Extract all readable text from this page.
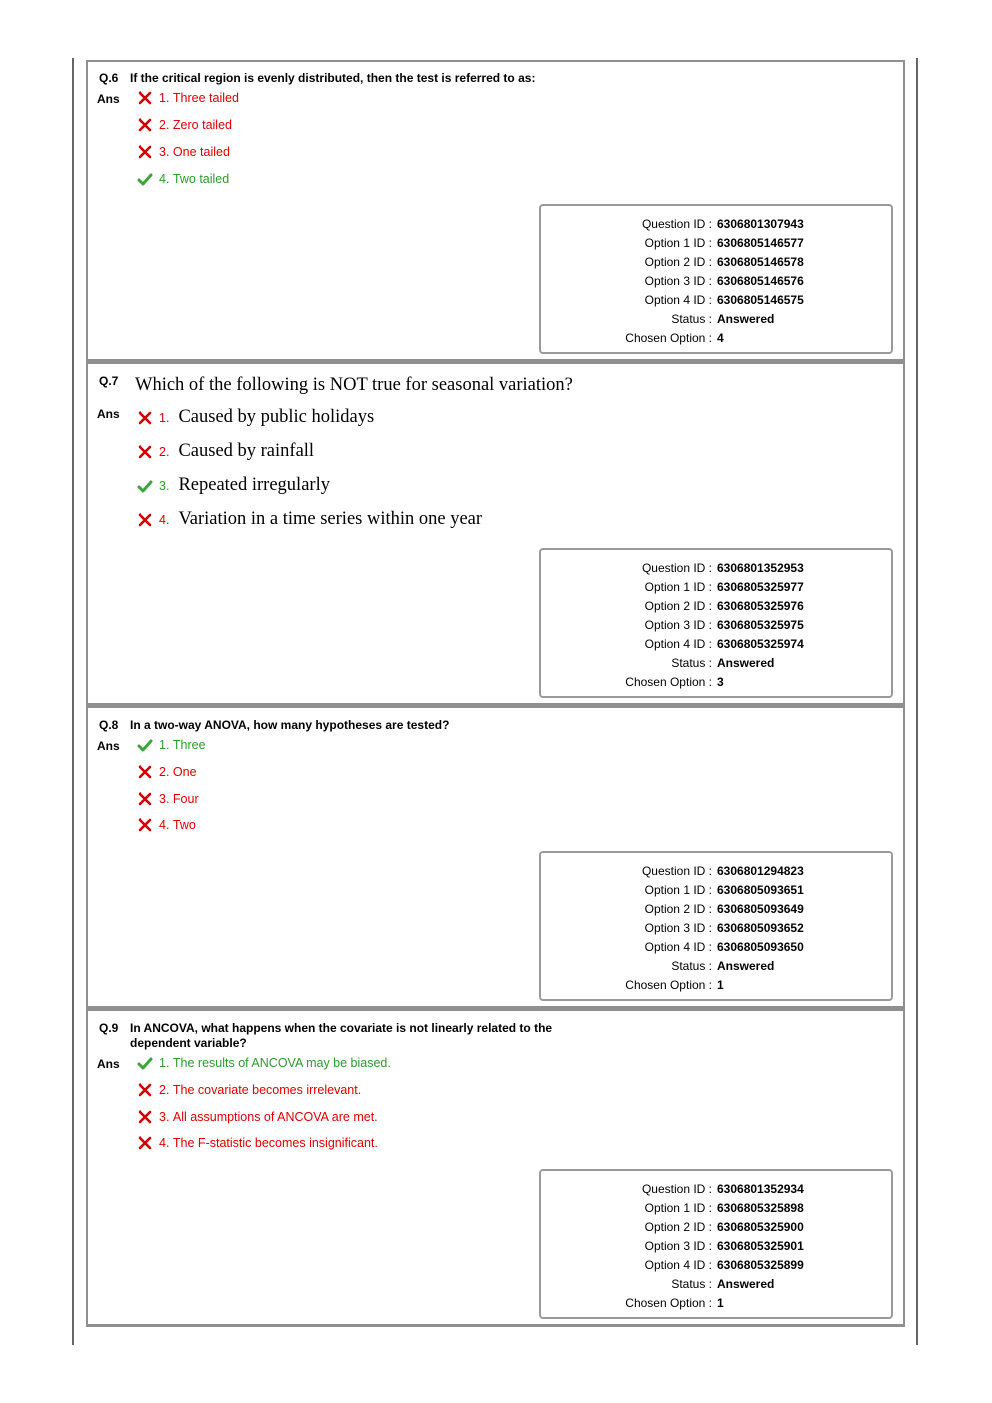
Q.6 If the critical region is evenly distributed, then the test is referred to as:
Ans	1.
Three tailed
2.
Zero tailed
3.
One tailed
4.
Two tailed
Question ID : 6306801307943
Option 1 ID : 6306805146577
Option 2 ID : 6306805146578
Option 3 ID : 6306805146576
Option 4 ID : 6306805146575
Status : Answered
Chosen Option : 4
Q.7 Which of the following is NOT true for seasonal variation?
Ans	1. Caused by public holidays
2. Caused by rainfall
3. Repeated irregularly
4. Variation in a time series within one year
Question ID : 6306801352953
Option 1 ID : 6306805325977
Option 2 ID : 6306805325976
Option 3 ID : 6306805325975
Option 4 ID : 6306805325974
Status : Answered
Chosen Option : 3
Q.8 In a two-way ANOVA, how many hypotheses are tested?
Ans	1.
Three
2.
One
3.
Four
4.
Two
Question ID : 6306801294823
Option 1 ID : 6306805093651
Option 2 ID : 6306805093649
Option 3 ID : 6306805093652
Option 4 ID : 6306805093650
Status : Answered
Chosen Option : 1
Q.9 In ANCOVA, what happens when the covariate is not linearly related to the dependent variable?
Ans	1.
The results of ANCOVA may be biased.
2.
The covariate becomes irrelevant.
3.
All assumptions of ANCOVA are met.
4.
The F-statistic becomes insignificant.
Question ID : 6306801352934
Option 1 ID : 6306805325898
Option 2 ID : 6306805325900
Option 3 ID : 6306805325901
Option 4 ID : 6306805325899
Status : Answered
Chosen Option : 1
